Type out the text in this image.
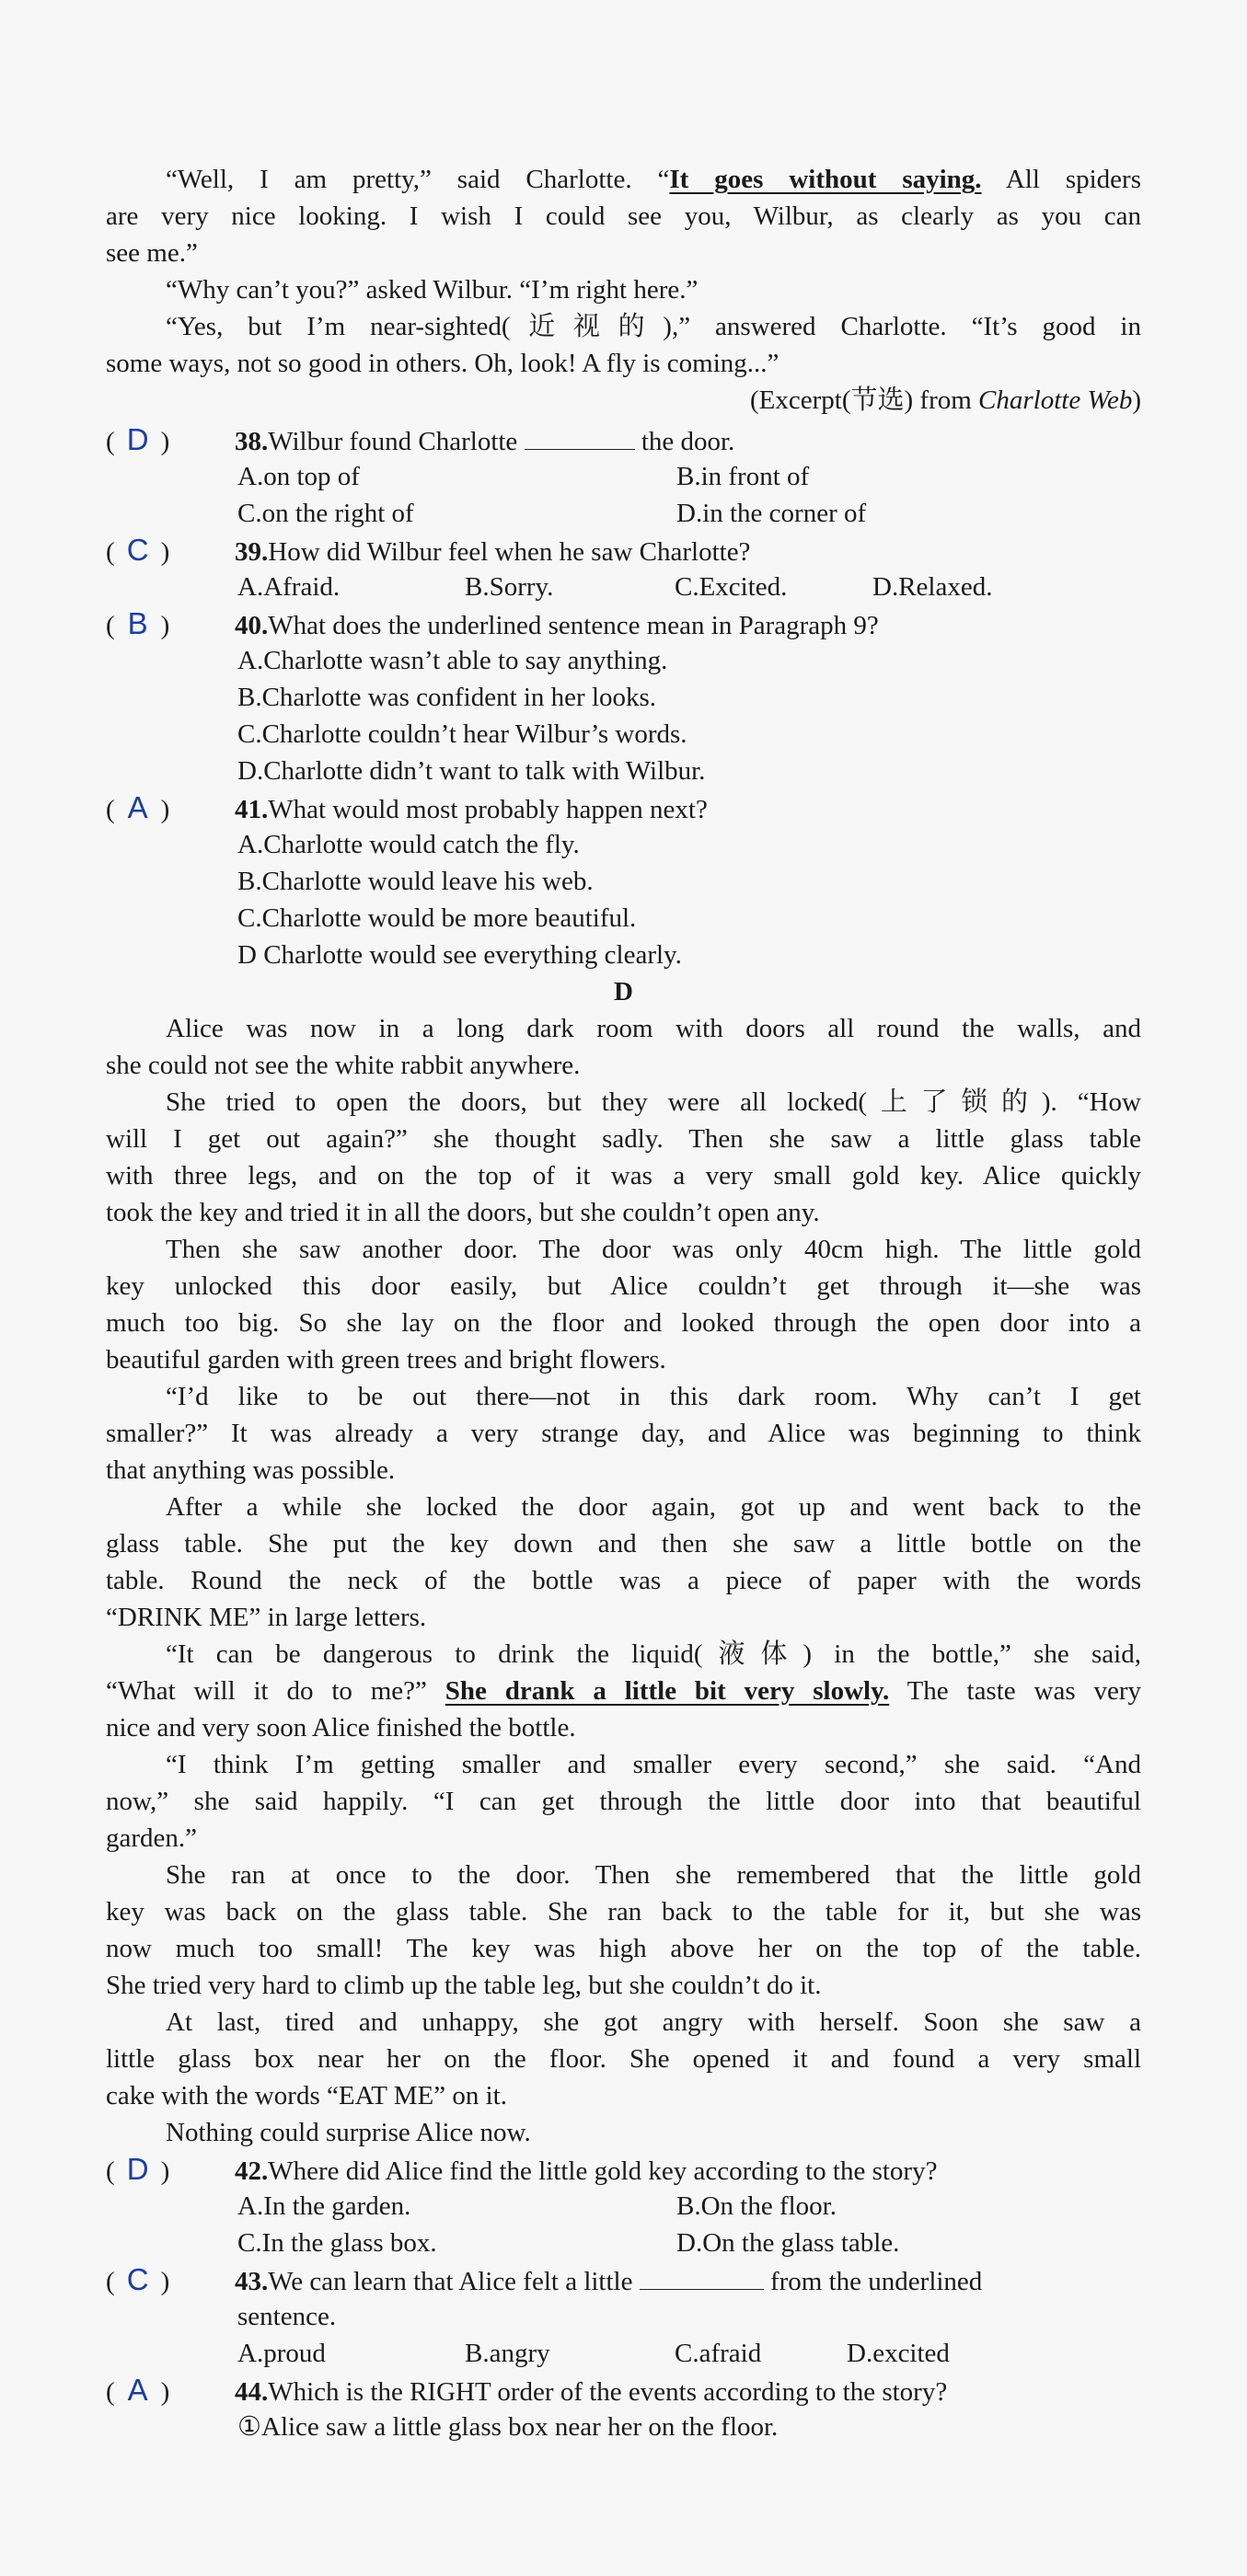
“Well, I am pretty,” said Charlotte. “It goes without saying. All spiders
are very nice looking. I wish I could see you, Wilbur, as clearly as you can
see me.”
“Why can’t you?” asked Wilbur. “I’m right here.”
“Yes, but I’m near-sighted(近视的),” answered Charlotte. “It’s good in
some ways, not so good in others. Oh, look! A fly is coming...”
(Excerpt(节选) from Charlotte Web)
( D ) 38.Wilbur found Charlotte	the door.
A.on top of	B.in front of
C.on the right of	D.in the corner of
( C ) 39.How did Wilbur feel when he saw Charlotte?
A.Afraid.	B.Sorry.	C.Excited.	D.Relaxed.
( B ) 40.What does the underlined sentence mean in Paragraph 9?
A.Charlotte wasn’t able to say anything.
B.Charlotte was confident in her looks.
C.Charlotte couldn’t hear Wilbur’s words.
D.Charlotte didn’t want to talk with Wilbur.
( A ) 41.What would most probably happen next?
A.Charlotte would catch the fly.
B.Charlotte would leave his web.
C.Charlotte would be more beautiful.
D Charlotte would see everything clearly.
D
Alice was now in a long dark room with doors all round the walls, and
she could not see the white rabbit anywhere.
She tried to open the doors, but they were all locked(上了锁的). “How
will I get out again?” she thought sadly. Then she saw a little glass table
with three legs, and on the top of it was a very small gold key. Alice quickly
took the key and tried it in all the doors, but she couldn’t open any.
Then she saw another door. The door was only 40cm high. The little gold
key unlocked this door easily, but Alice couldn’t get through it—she was
much too big. So she lay on the floor and looked through the open door into a
beautiful garden with green trees and bright flowers.
“I’d like to be out there—not in this dark room. Why can’t I get
smaller?” It was already a very strange day, and Alice was beginning to think
that anything was possible.
After a while she locked the door again, got up and went back to the
glass table. She put the key down and then she saw a little bottle on the
table. Round the neck of the bottle was a piece of paper with the words
“DRINK ME” in large letters.
“It can be dangerous to drink the liquid(液体) in the bottle,” she said,
“What will it do to me?” She drank a little bit very slowly. The taste was very
nice and very soon Alice finished the bottle.
“I think I’m getting smaller and smaller every second,” she said. “And
now,” she said happily. “I can get through the little door into that beautiful
garden.”
She ran at once to the door. Then she remembered that the little gold
key was back on the glass table. She ran back to the table for it, but she was
now much too small! The key was high above her on the top of the table.
She tried very hard to climb up the table leg, but she couldn’t do it.
At last, tired and unhappy, she got angry with herself. Soon she saw a
little glass box near her on the floor. She opened it and found a very small
cake with the words “EAT ME” on it.
Nothing could surprise Alice now.
( D ) 42.Where did Alice find the little gold key according to the story?
A.In the garden.	B.On the floor.
C.In the glass box.	D.On the glass table.
( C ) 43.We can learn that Alice felt a little	from the underlined
sentence.
A.proud	B.angry	C.afraid	D.excited
( A ) 44.Which is the RIGHT order of the events according to the story?
①Alice saw a little glass box near her on the floor.
